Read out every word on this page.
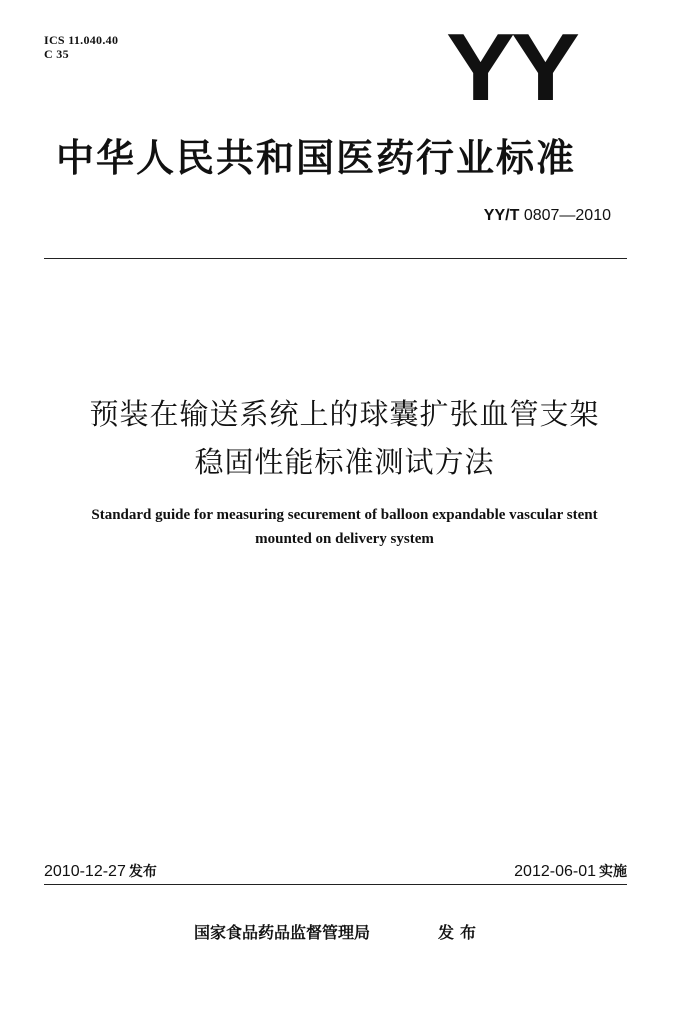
ICS 11.040.40
C 35	YY
中华人民共和国医药行业标准
YY/T 0807—2010
预装在输送系统上的球囊扩张血管支架
稳固性能标准测试方法
Standard guide for measuring securement of balloon expandable vascular stent
mounted on delivery system
2010-12-27 发布	2012-06-01 实施
国家食品药品监督管理局	发布
